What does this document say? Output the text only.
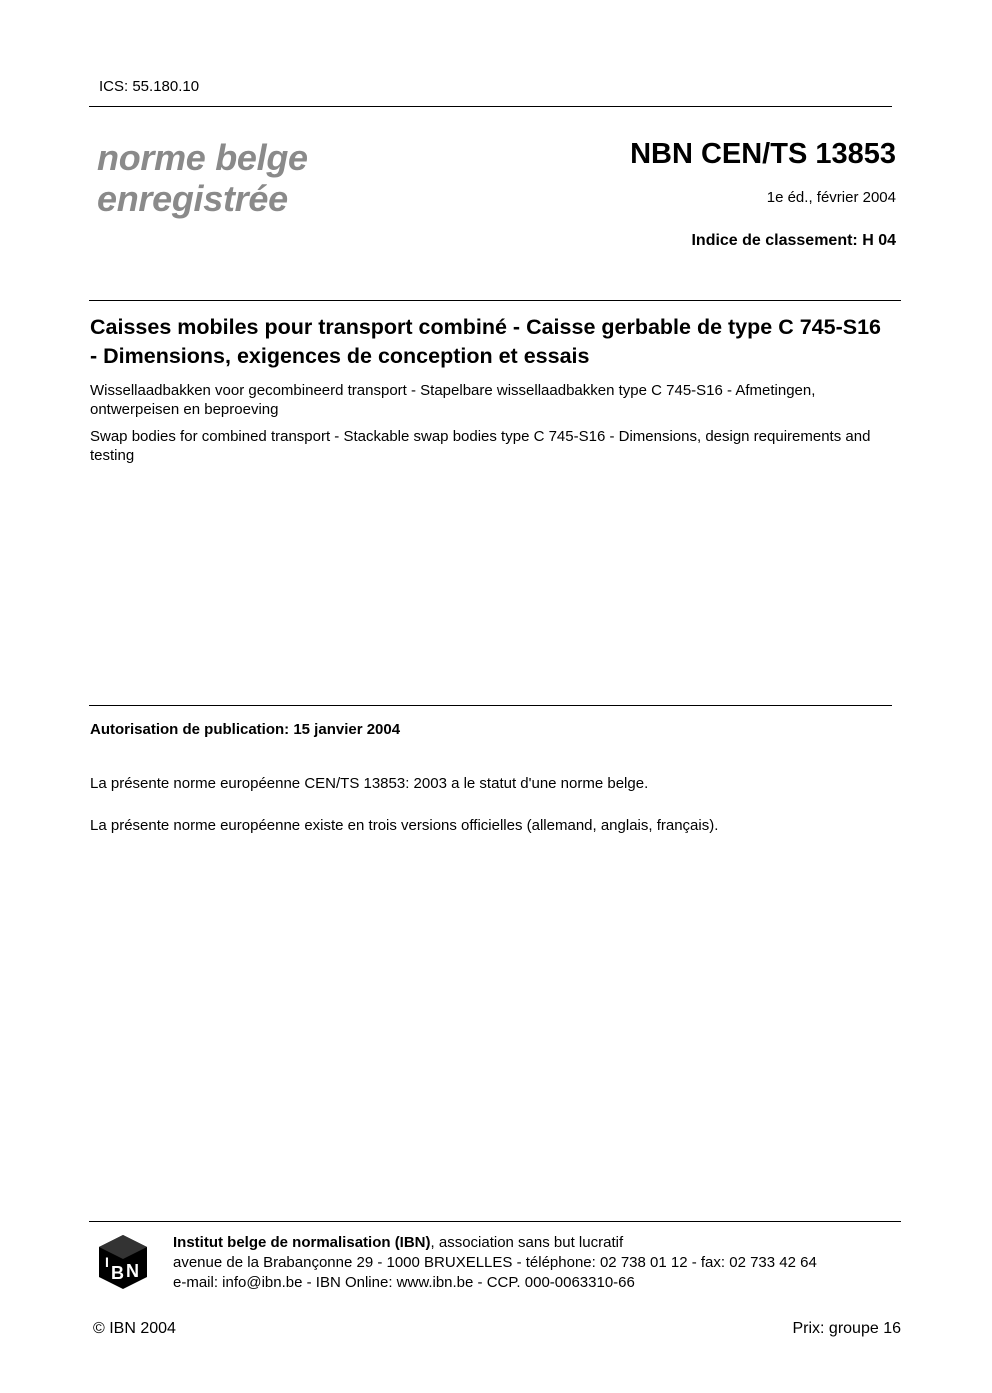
ICS: 55.180.10
norme belge
enregistrée
NBN CEN/TS 13853
1e éd., février 2004
Indice de classement: H 04
Caisses mobiles pour transport combiné - Caisse gerbable de type C 745-S16 - Dimensions, exigences de conception et essais
Wissellaadbakken voor gecombineerd transport - Stapelbare wissellaadbakken type C 745-S16 - Afmetingen, ontwerpeisen en beproeving
Swap bodies for combined transport - Stackable swap bodies type C 745-S16 - Dimensions, design requirements and testing
Autorisation de publication: 15 janvier 2004
La présente norme européenne CEN/TS 13853: 2003 a le statut d'une norme belge.
La présente norme européenne existe en trois versions officielles (allemand, anglais, français).
I
B N
Institut belge de normalisation (IBN), association sans but lucratif
avenue de la Brabançonne 29 - 1000 BRUXELLES - téléphone: 02 738 01 12 - fax: 02 733 42 64
e-mail: info@ibn.be - IBN Online: www.ibn.be - CCP. 000-0063310-66
© IBN 2004	Prix: groupe 16
